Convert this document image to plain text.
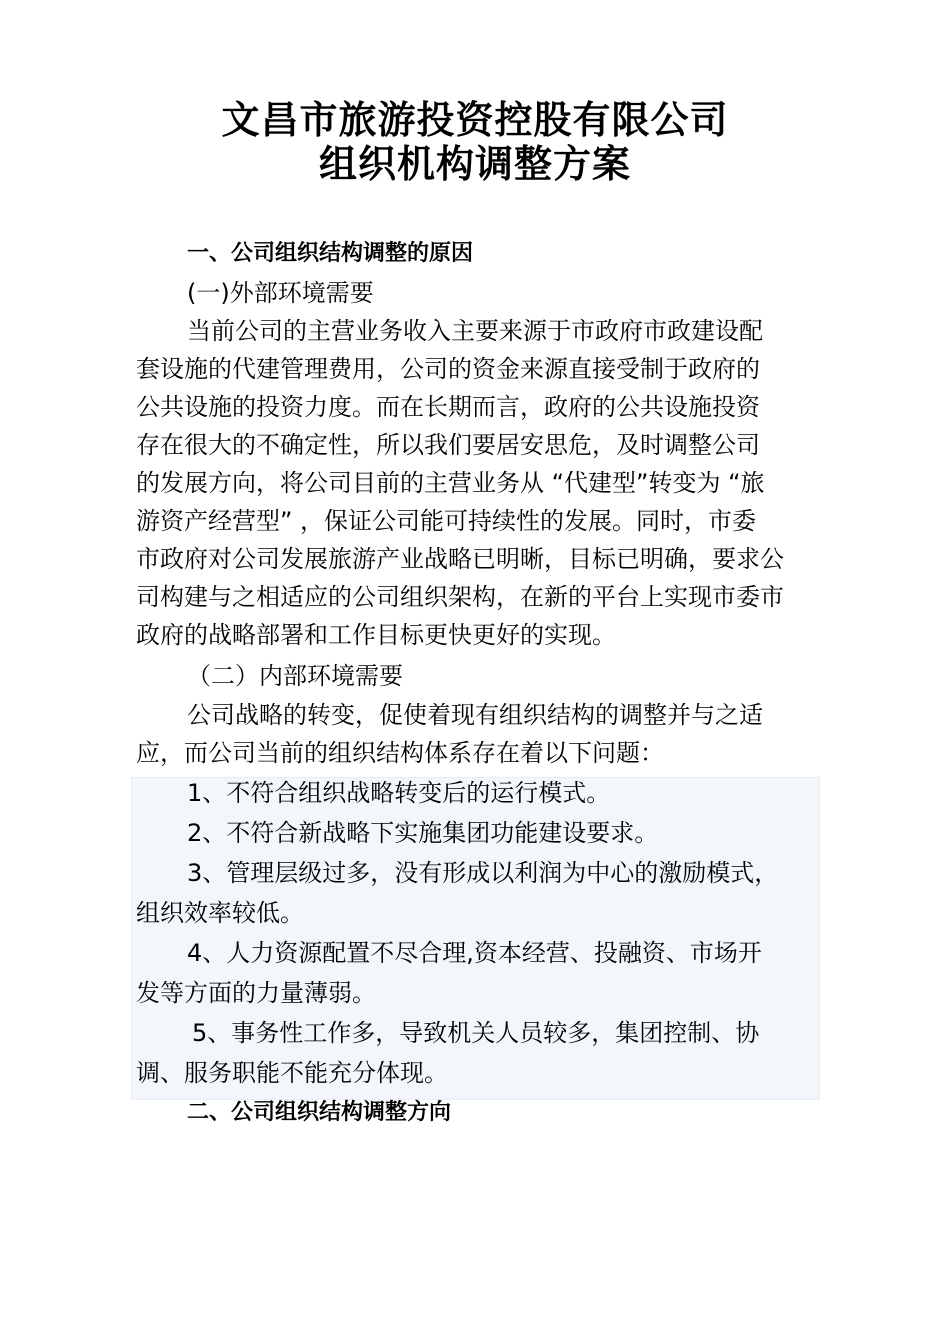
文昌市旅游投资控股有限公司
组织机构调整方案
一、公司组织结构调整的原因
(一)外部环境需要
当前公司的主营业务收入主要来源于市政府市政建设配
套设施的代建管理费用，公司的资金来源直接受制于政府的
公共设施的投资力度。而在长期而言，政府的公共设施投资
存在很大的不确定性，所以我们要居安思危，及时调整公司
的发展方向，将公司目前的主营业务从 “代建型”转变为 “旅
游资产经营型” ，保证公司能可持续性的发展。同时，市委
市政府对公司发展旅游产业战略已明晰，目标已明确，要求公
司构建与之相适应的公司组织架构，在新的平台上实现市委市
政府的战略部署和工作目标更快更好的实现。
（二）内部环境需要
公司战略的转变，促使着现有组织结构的调整并与之适
应，而公司当前的组织结构体系存在着以下问题：
1、不符合组织战略转变后的运行模式。
2、不符合新战略下实施集团功能建设要求。
3、管理层级过多，没有形成以利润为中心的激励模式，
组织效率较低。
4、人力资源配置不尽合理,资本经营、投融资、市场开
发等方面的力量薄弱。
5、事务性工作多，导致机关人员较多，集团控制、协
调、服务职能不能充分体现。
二、公司组织结构调整方向
